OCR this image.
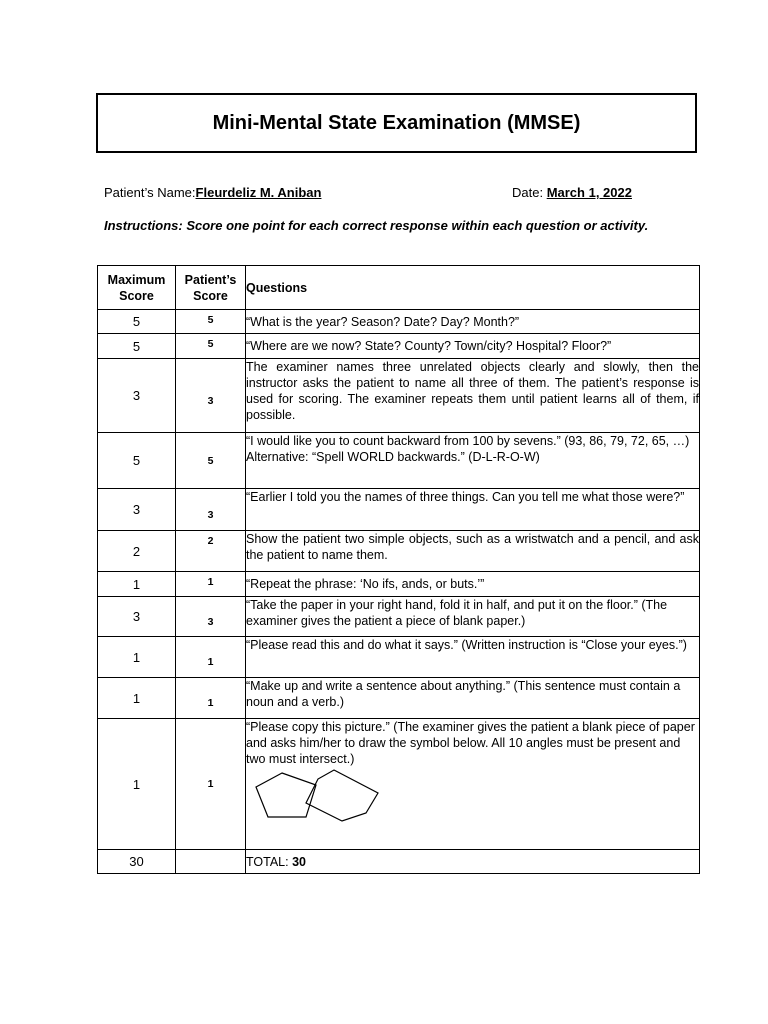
Mini-Mental State Examination (MMSE)
Patient’s Name:Fleurdeliz M. Aniban	Date: March 1, 2022
Instructions: Score one point for each correct response within each question or activity.
Maximum Score	Patient’s Score	Questions
5	5	“What is the year? Season? Date? Day? Month?”
5	5	“Where are we now? State? County? Town/city? Hospital? Floor?”
3	3	The examiner names three unrelated objects clearly and slowly, then the instructor asks the patient to name all three of them. The patient’s response is used for scoring. The examiner repeats them until patient learns all of them, if possible.
5	5	“I would like you to count backward from 100 by sevens.” (93, 86, 79, 72, 65, …)
Alternative: “Spell WORLD backwards.” (D-L-R-O-W)

3	3	“Earlier I told you the names of three things. Can you tell me what those were?”
2	2	Show the patient two simple objects, such as a wristwatch and a pencil, and ask the patient to name them.
1	1	“Repeat the phrase: ‘No ifs, ands, or buts.’”
3	3	“Take the paper in your right hand, fold it in half, and put it on the floor.” (The examiner gives the patient a piece of blank paper.)
1	1	“Please read this and do what it says.” (Written instruction is “Close your eyes.”)
1	1	“Make up and write a sentence about anything.” (This sentence must contain a noun and a verb.)
1	1	“Please copy this picture.” (The examiner gives the patient a blank piece of paper and asks him/her to draw the symbol below. All 10 angles must be present and two must intersect.)

30		TOTAL: 30
